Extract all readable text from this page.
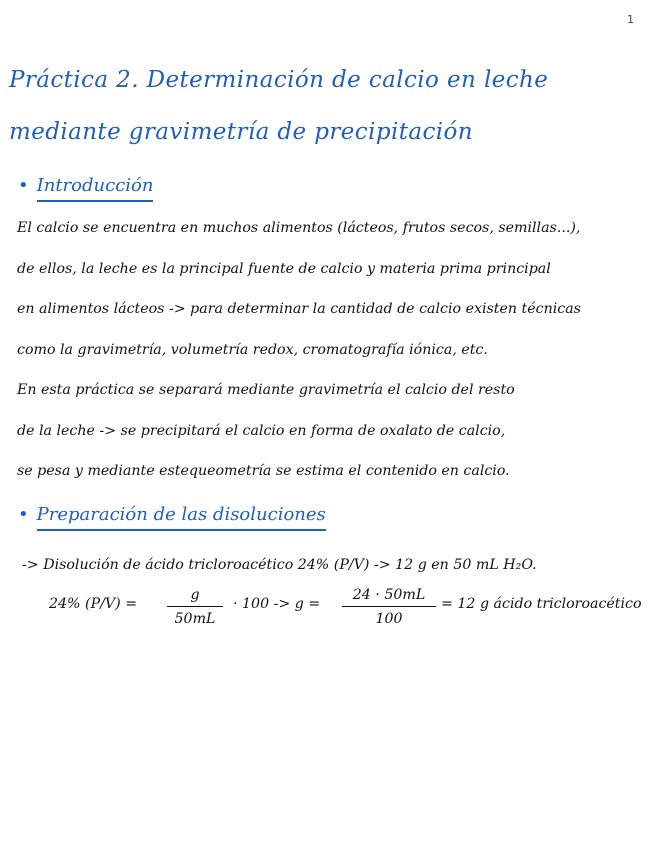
1
Práctica 2. Determinación de calcio en leche
mediante gravimetría de precipitación
• Introducción
El calcio se encuentra en muchos alimentos (lácteos, frutos secos, semillas...),
de ellos, la leche es la principal fuente de calcio y materia prima principal
en alimentos lácteos -> para determinar la cantidad de calcio existen técnicas
como la gravimetría, volumetría redox, cromatografía iónica, etc.
En esta práctica se separará mediante gravimetría el calcio del resto
de la leche -> se precipitará el calcio en forma de oxalato de calcio,
se pesa y mediante estequeometría se estima el contenido en calcio.
• Preparación de las disoluciones
-> Disolución de ácido tricloroacético 24% (P/V) -> 12 g en 50 mL H₂O.
24% (P/V) =
g
50mL
· 100 -> g =
24 · 50mL
100
= 12 g ácido tricloroacético
